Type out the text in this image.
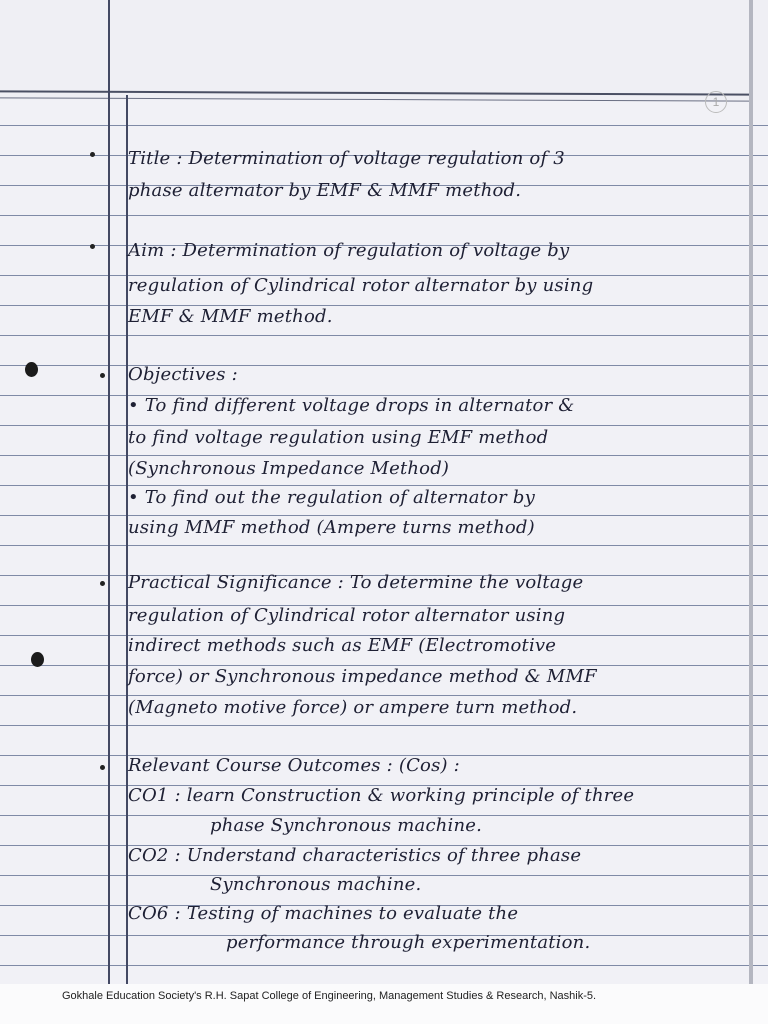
1
Title : Determination of voltage regulation of 3
phase alternator by EMF & MMF method.
Aim : Determination of regulation of voltage by
regulation of Cylindrical rotor alternator by using
EMF & MMF method.
Objectives :
• To find different voltage drops in alternator &
to find voltage regulation using EMF method
(Synchronous Impedance Method)
• To find out the regulation of alternator by
using MMF method (Ampere turns method)
Practical Significance : To determine the voltage
regulation of Cylindrical rotor alternator using
indirect methods such as EMF (Electromotive
force) or Synchronous impedance method & MMF
(Magneto motive force) or ampere turn method.
Relevant Course Outcomes : (Cos) :
CO1 : learn Construction & working principle of three
phase Synchronous machine.
CO2 : Understand characteristics of three phase
Synchronous machine.
CO6 : Testing of machines to evaluate the
performance through experimentation.
Gokhale Education Society's R.H. Sapat College of Engineering, Management Studies & Research, Nashik-5.
